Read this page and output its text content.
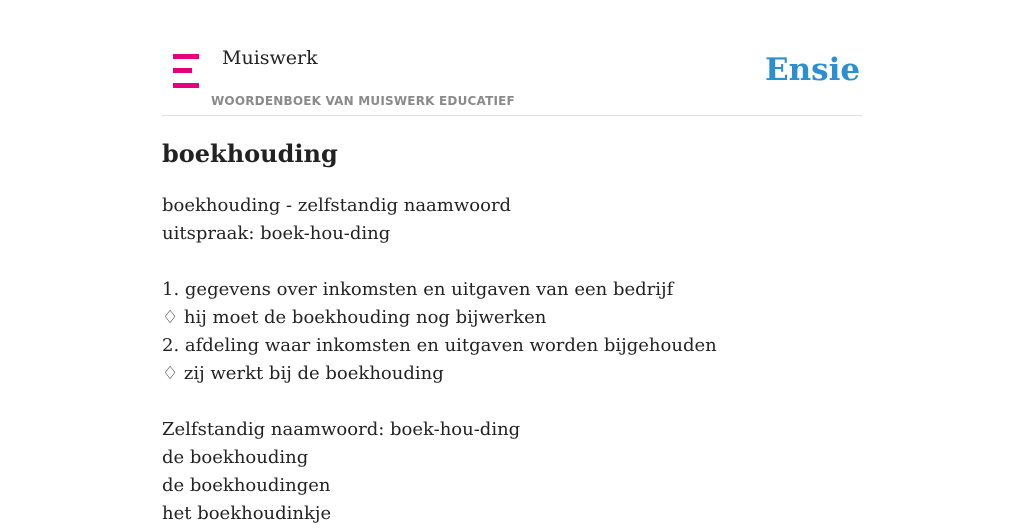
Muiswerk
WOORDENBOEK VAN MUISWERK EDUCATIEF
Ensie
boekhouding
boekhouding - zelfstandig naamwoord
uitspraak: boek-hou-ding
1. gegevens over inkomsten en uitgaven van een bedrijf
♢ hij moet de boekhouding nog bijwerken
2. afdeling waar inkomsten en uitgaven worden bijgehouden
♢ zij werkt bij de boekhouding
Zelfstandig naamwoord: boek-hou-ding
de boekhouding
de boekhoudingen
het boekhoudinkje
